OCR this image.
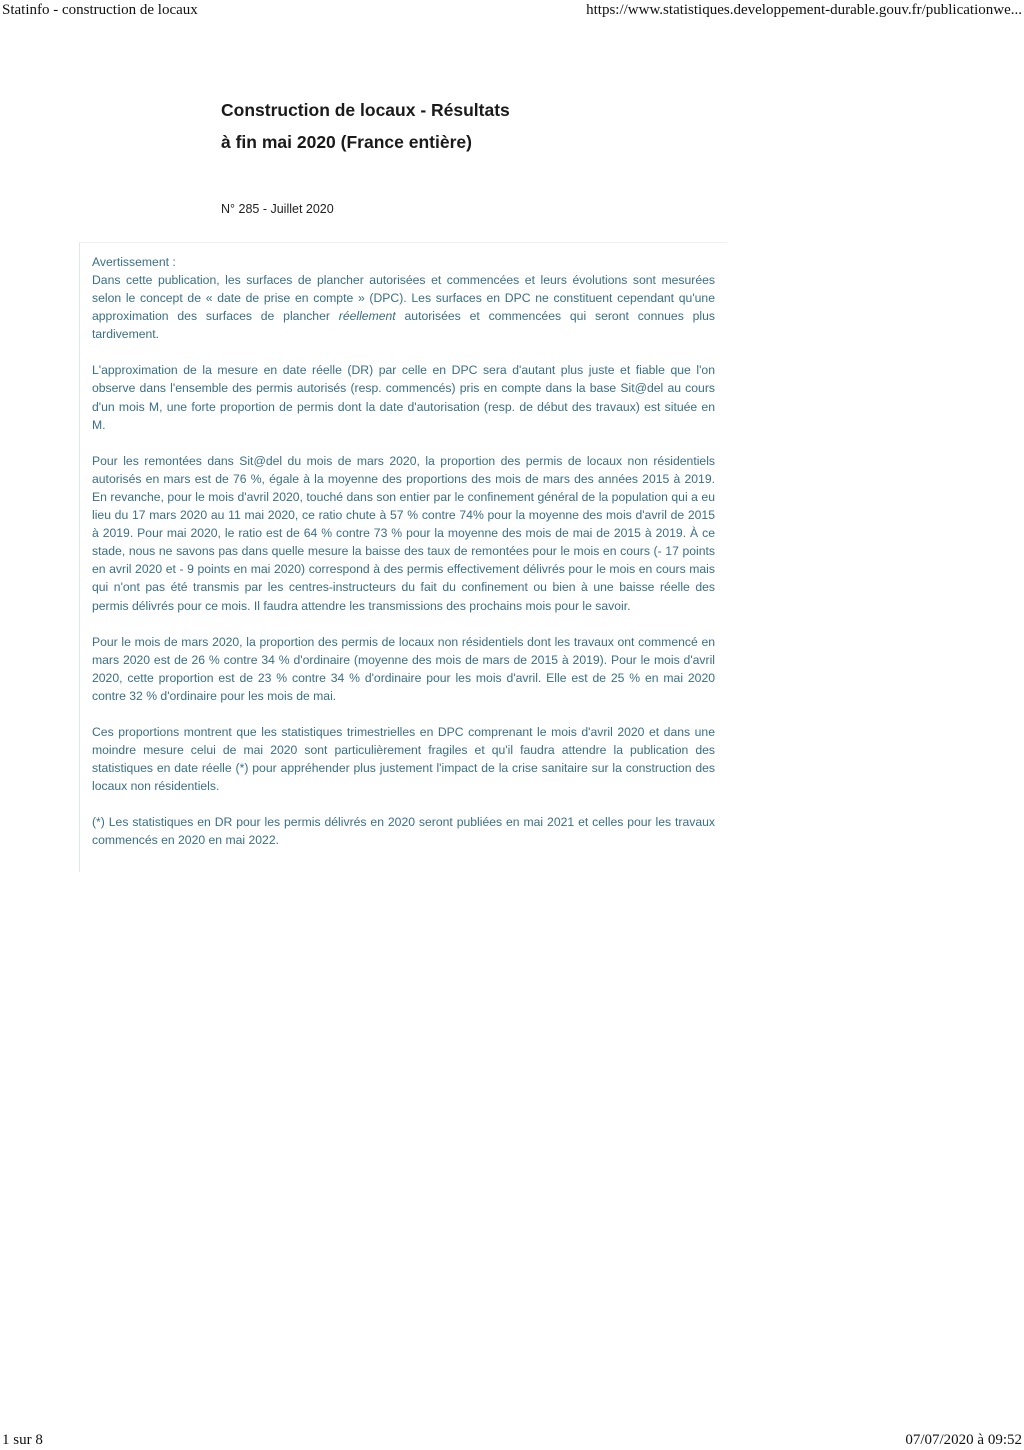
Statinfo - construction de locaux	https://www.statistiques.developpement-durable.gouv.fr/publicationwe...
Construction de locaux - Résultats
à fin mai 2020 (France entière)
N° 285 - Juillet 2020
Avertissement :

Dans cette publication, les surfaces de plancher autorisées et commencées et leurs évolutions sont mesurées selon le concept de « date de prise en compte » (DPC). Les surfaces en DPC ne constituent cependant qu'une approximation des surfaces de plancher réellement autorisées et commencées qui seront connues plus tardivement.

L'approximation de la mesure en date réelle (DR) par celle en DPC sera d'autant plus juste et fiable que l'on observe dans l'ensemble des permis autorisés (resp. commencés) pris en compte dans la base Sit@del au cours d'un mois M, une forte proportion de permis dont la date d'autorisation (resp. de début des travaux) est située en M.

Pour les remontées dans Sit@del du mois de mars 2020, la proportion des permis de locaux non résidentiels autorisés en mars est de 76 %, égale à la moyenne des proportions des mois de mars des années 2015 à 2019. En revanche, pour le mois d'avril 2020, touché dans son entier par le confinement général de la population qui a eu lieu du 17 mars 2020 au 11 mai 2020, ce ratio chute à 57 % contre 74% pour la moyenne des mois d'avril de 2015 à 2019. Pour mai 2020, le ratio est de 64 % contre 73 % pour la moyenne des mois de mai de 2015 à 2019. À ce stade, nous ne savons pas dans quelle mesure la baisse des taux de remontées pour le mois en cours (- 17 points en avril 2020 et - 9 points en mai 2020) correspond à des permis effectivement délivrés pour le mois en cours mais qui n'ont pas été transmis par les centres-instructeurs du fait du confinement ou bien à une baisse réelle des permis délivrés pour ce mois. Il faudra attendre les transmissions des prochains mois pour le savoir.

Pour le mois de mars 2020, la proportion des permis de locaux non résidentiels dont les travaux ont commencé en mars 2020 est de 26 % contre 34 % d'ordinaire (moyenne des mois de mars de 2015 à 2019). Pour le mois d'avril 2020, cette proportion est de 23 % contre 34 % d'ordinaire pour les mois d'avril. Elle est de 25 % en mai 2020 contre 32 % d'ordinaire pour les mois de mai.

Ces proportions montrent que les statistiques trimestrielles en DPC comprenant le mois d'avril 2020 et dans une moindre mesure celui de mai 2020 sont particulièrement fragiles et qu'il faudra attendre la publication des statistiques en date réelle (*) pour appréhender plus justement l'impact de la crise sanitaire sur la construction des locaux non résidentiels.

(*) Les statistiques en DR pour les permis délivrés en 2020 seront publiées en mai 2021 et celles pour les travaux commencés en 2020 en mai 2022.

1 sur 8	07/07/2020 à 09:52
